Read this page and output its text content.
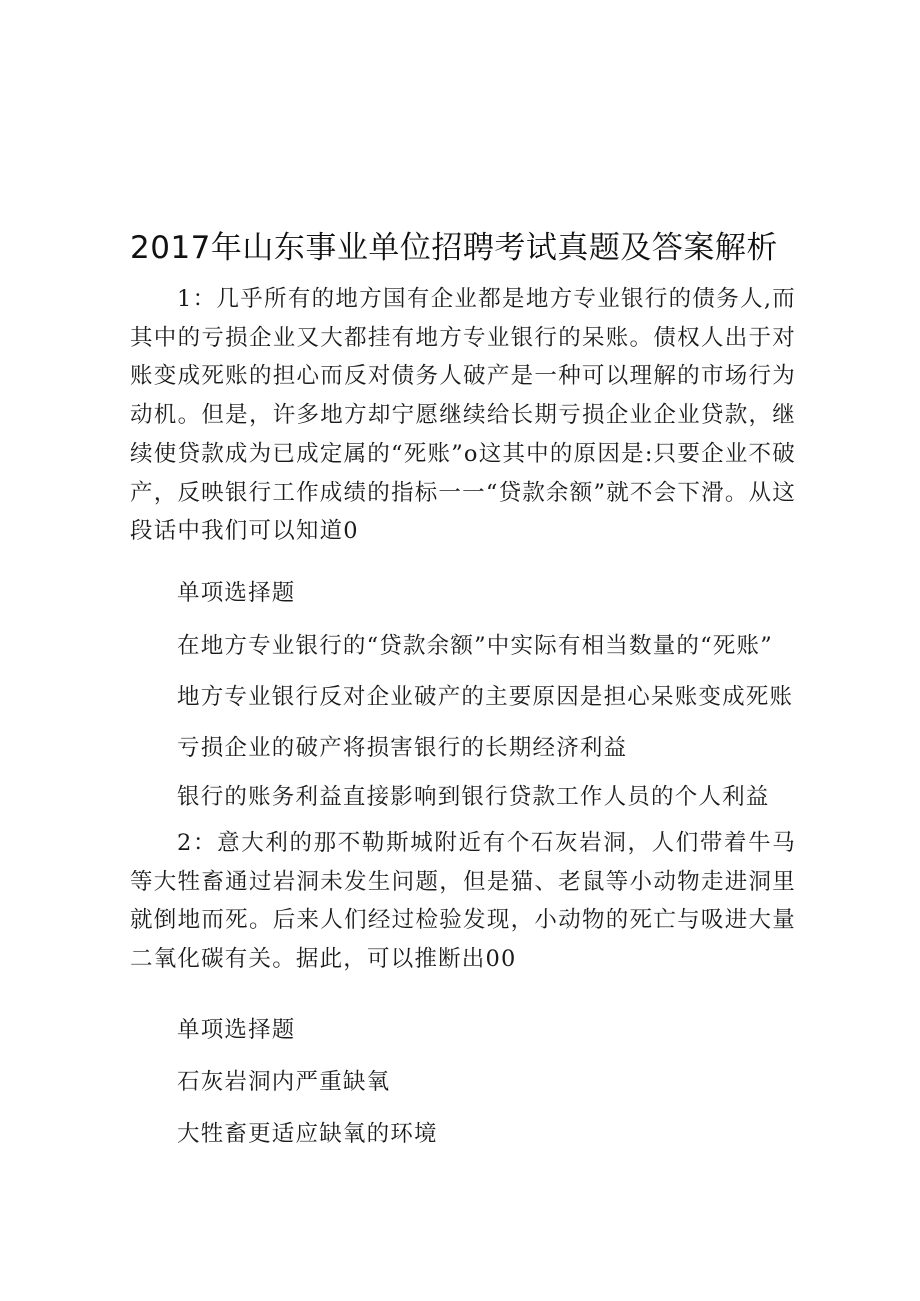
2017年山东事业单位招聘考试真题及答案解析

1：几乎所有的地方国有企业都是地方专业银行的债务人,而其中的亏损企业又大都挂有地方专业银行的呆账。债权人出于对账变成死账的担心而反对债务人破产是一种可以理解的市场行为动机。但是，许多地方却宁愿继续给长期亏损企业企业贷款，继续使贷款成为已成定属的“死账”o这其中的原因是:只要企业不破产，反映银行工作成绩的指标一一“贷款余额”就不会下滑。从这段话中我们可以知道0

单项选择题

在地方专业银行的“贷款余额”中实际有相当数量的“死账”

地方专业银行反对企业破产的主要原因是担心呆账变成死账

亏损企业的破产将损害银行的长期经济利益

银行的账务利益直接影响到银行贷款工作人员的个人利益

2：意大利的那不勒斯城附近有个石灰岩洞，人们带着牛马等大牲畜通过岩洞未发生问题，但是猫、老鼠等小动物走进洞里就倒地而死。后来人们经过检验发现，小动物的死亡与吸进大量二氧化碳有关。据此，可以推断出00

单项选择题

石灰岩洞内严重缺氧

大牲畜更适应缺氧的环境
